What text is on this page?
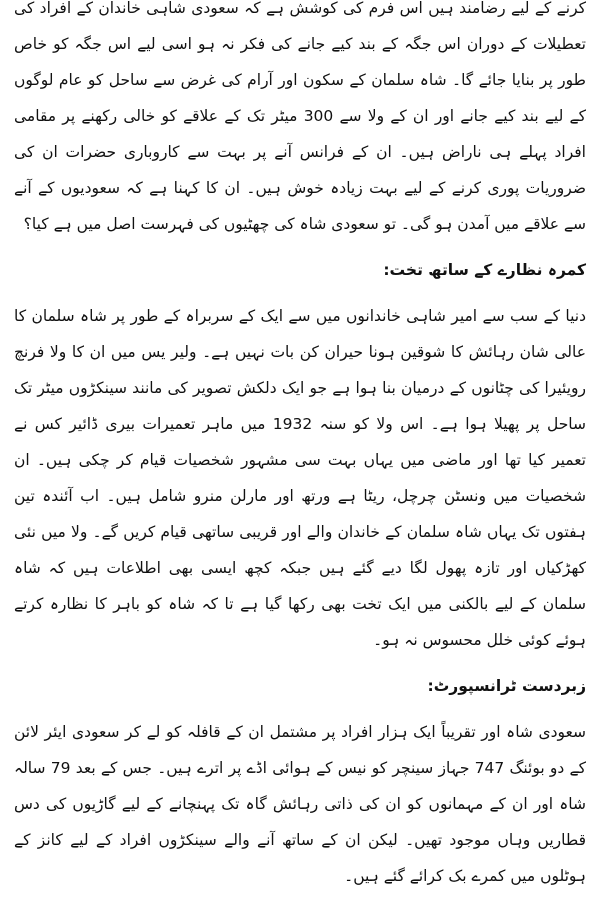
کرنے کے لیے رضامند ہیں اس فرم کی کوشش ہے کہ سعودی شاہی خاندان کے افراد کی تعطیلات کے دوران اس جگہ کے بند کیے جانے کی فکر نہ ہو اسی لیے اس جگہ کو خاص طور پر بنایا جائے گا۔ شاہ سلمان کے سکون اور آرام کی غرض سے ساحل کو عام لوگوں کے لیے بند کیے جانے اور ان کے ولا سے 300 میٹر تک کے علاقے کو خالی رکھنے پر مقامی افراد پہلے ہی ناراض ہیں۔ ان کے فرانس آنے پر بہت سے کاروباری حضرات ان کی ضروریات پوری کرنے کے لیے بہت زیادہ خوش ہیں۔ ان کا کہنا ہے کہ سعودیوں کے آنے سے علاقے میں آمدن ہو گی۔ تو سعودی شاہ کی چھٹیوں کی فہرست اصل میں ہے کیا؟

کمرہ نظارے کے ساتھ تخت:

دنیا کے سب سے امیر شاہی خاندانوں میں سے ایک کے سربراہ کے طور پر شاہ سلمان کا عالی شان رہائش کا شوقین ہونا حیران کن بات نہیں ہے۔ ولیر یس میں ان کا ولا فرنچ رویئیرا کی چٹانوں کے درمیان بنا ہوا ہے جو ایک دلکش تصویر کی مانند سینکڑوں میٹر تک ساحل پر پھیلا ہوا ہے۔ اس ولا کو سنہ 1932 میں ماہر تعمیرات بیری ڈائیر کس نے تعمیر کیا تھا اور ماضی میں یہاں بہت سی مشہور شخصیات قیام کر چکی ہیں۔ ان شخصیات میں ونسٹن چرچل، ریٹا ہے ورتھ اور مارلن منرو شامل ہیں۔ اب آئندہ تین ہفتوں تک یہاں شاہ سلمان کے خاندان والے اور قریبی ساتھی قیام کریں گے۔ ولا میں نئی کھڑکیاں اور تازہ پھول لگا دیے گئے ہیں جبکہ کچھ ایسی بھی اطلاعات ہیں کہ شاہ سلمان کے لیے بالکنی میں ایک تخت بھی رکھا گیا ہے تا کہ شاہ کو باہر کا نظارہ کرتے ہوئے کوئی خلل محسوس نہ ہو۔

زبردست ٹرانسپورٹ:

سعودی شاہ اور تقریباً ایک ہزار افراد پر مشتمل ان کے قافلہ کو لے کر سعودی ایئر لائن کے دو بوئنگ 747 جہاز سینچر کو نیس کے ہوائی اڈے پر اترے ہیں۔ جس کے بعد 79 سالہ شاہ اور ان کے مہمانوں کو ان کی ذاتی رہائش گاہ تک پہنچانے کے لیے گاڑیوں کی دس قطاریں وہاں موجود تھیں۔ لیکن ان کے ساتھ آنے والے سینکڑوں افراد کے لیے کانز کے ہوٹلوں میں کمرے بک کرائے گئے ہیں۔
